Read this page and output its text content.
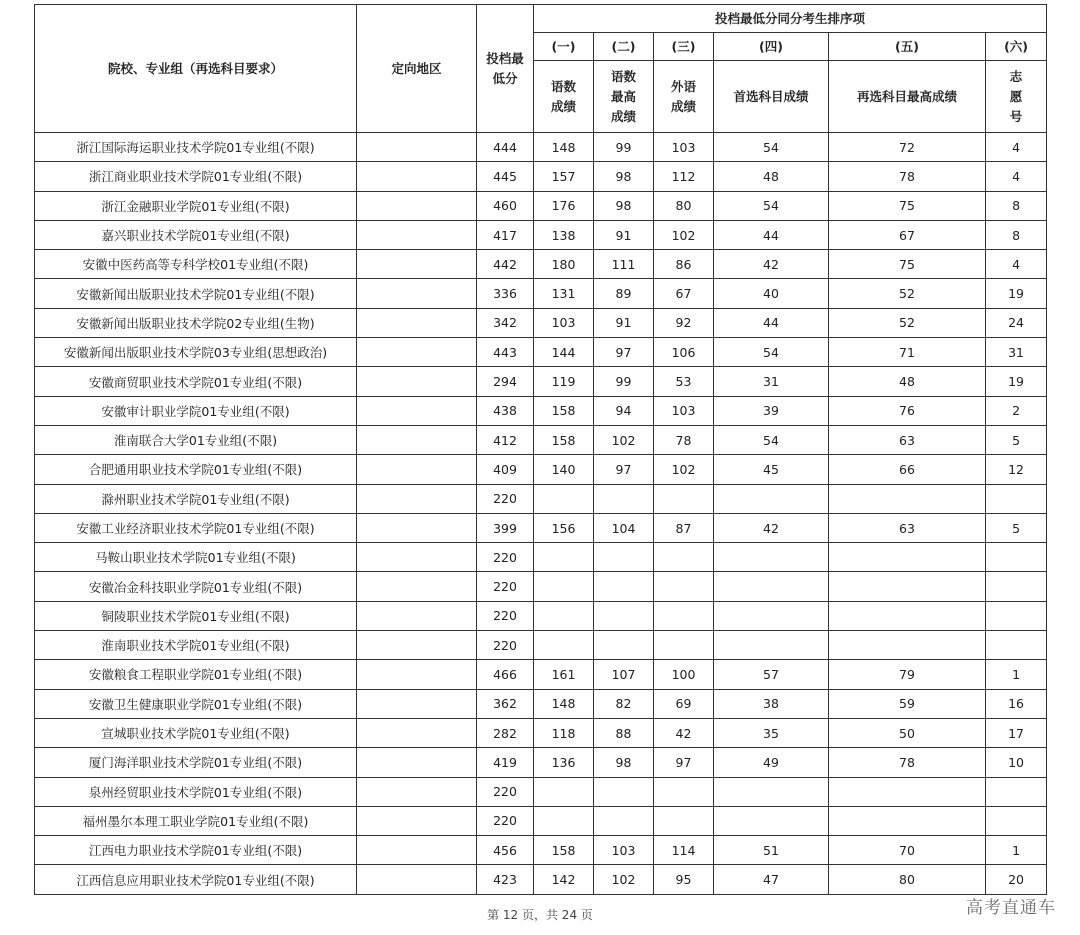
院校、专业组（再选科目要求）	定向地区	投档最低分	投档最低分同分考生排序项					
			(一)	(二)	(三)	(四)	(五)	(六)
			语数成绩	语数最高成绩	外语成绩	首选科目成绩	再选科目最高成绩	志愿号
浙江国际海运职业技术学院01专业组(不限)		444	148	99	103	54	72	4
浙江商业职业技术学院01专业组(不限)		445	157	98	112	48	78	4
浙江金融职业学院01专业组(不限)		460	176	98	80	54	75	8
嘉兴职业技术学院01专业组(不限)		417	138	91	102	44	67	8
安徽中医药高等专科学校01专业组(不限)		442	180	111	86	42	75	4
安徽新闻出版职业技术学院01专业组(不限)		336	131	89	67	40	52	19
安徽新闻出版职业技术学院02专业组(生物)		342	103	91	92	44	52	24
安徽新闻出版职业技术学院03专业组(思想政治)		443	144	97	106	54	71	31
安徽商贸职业技术学院01专业组(不限)		294	119	99	53	31	48	19
安徽审计职业学院01专业组(不限)		438	158	94	103	39	76	2
淮南联合大学01专业组(不限)		412	158	102	78	54	63	5
合肥通用职业技术学院01专业组(不限)		409	140	97	102	45	66	12
滁州职业技术学院01专业组(不限)		220						
安徽工业经济职业技术学院01专业组(不限)		399	156	104	87	42	63	5
马鞍山职业技术学院01专业组(不限)		220						
安徽冶金科技职业学院01专业组(不限)		220						
铜陵职业技术学院01专业组(不限)		220						
淮南职业技术学院01专业组(不限)		220						
安徽粮食工程职业学院01专业组(不限)		466	161	107	100	57	79	1
安徽卫生健康职业学院01专业组(不限)		362	148	82	69	38	59	16
宣城职业技术学院01专业组(不限)		282	118	88	42	35	50	17
厦门海洋职业技术学院01专业组(不限)		419	136	98	97	49	78	10
泉州经贸职业技术学院01专业组(不限)		220						
福州墨尔本理工职业学院01专业组(不限)		220						
江西电力职业技术学院01专业组(不限)		456	158	103	114	51	70	1
江西信息应用职业技术学院01专业组(不限)		423	142	102	95	47	80	20
第 12 页，共 24 页	高考直通车
